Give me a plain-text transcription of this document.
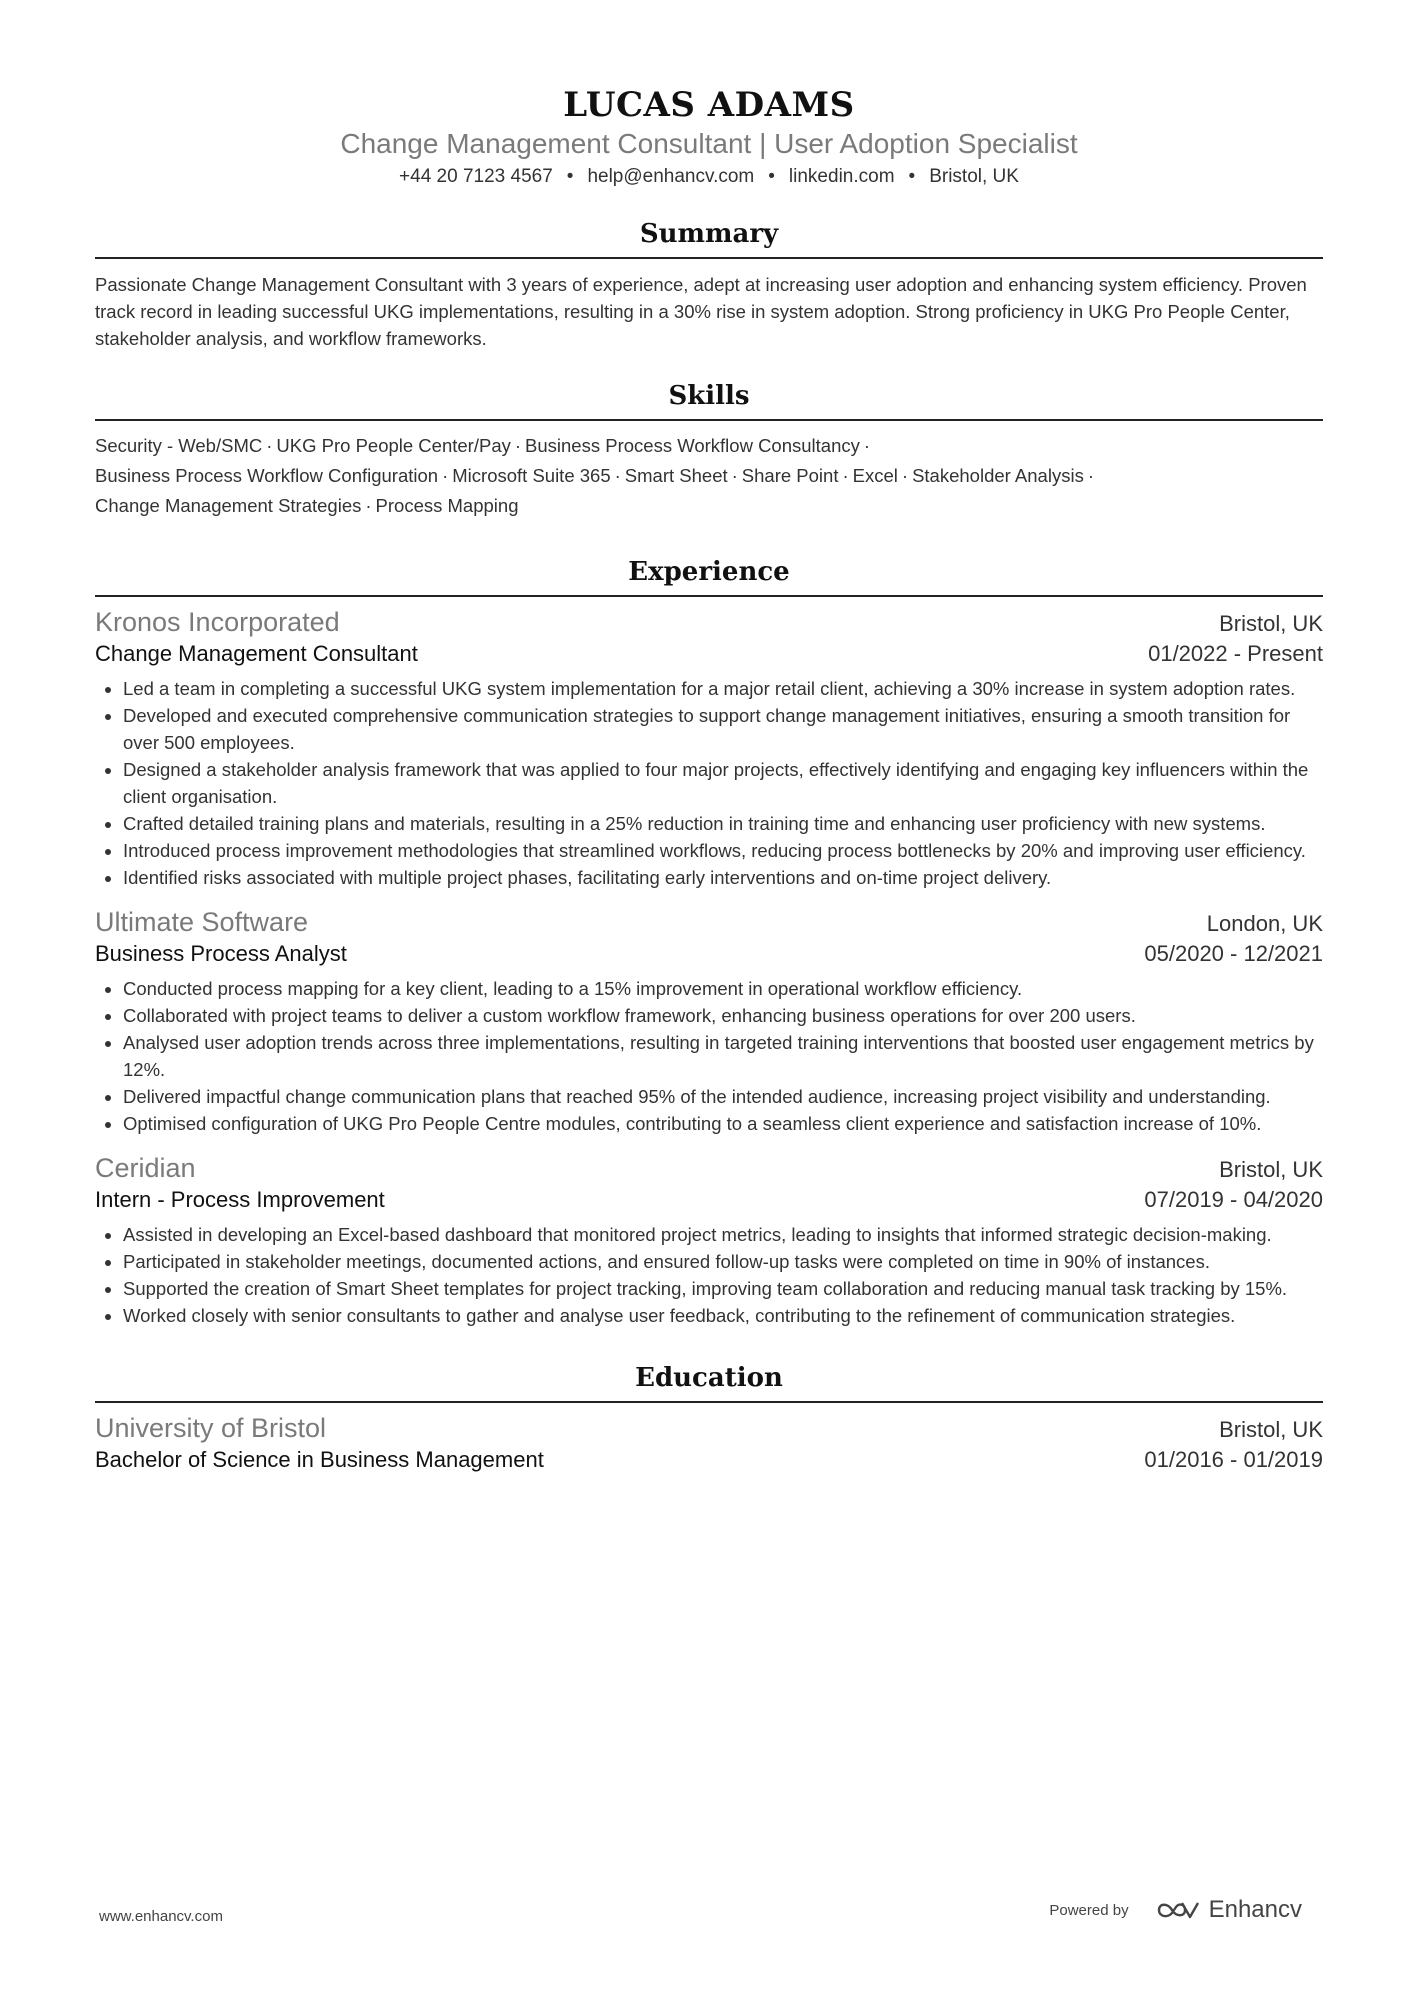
LUCAS ADAMS
Change Management Consultant | User Adoption Specialist
+44 20 7123 4567 • help@enhancv.com • linkedin.com • Bristol, UK
Summary
Passionate Change Management Consultant with 3 years of experience, adept at increasing user adoption and enhancing system efficiency. Proven track record in leading successful UKG implementations, resulting in a 30% rise in system adoption. Strong proficiency in UKG Pro People Center, stakeholder analysis, and workflow frameworks.
Skills
Security - Web/SMC · UKG Pro People Center/Pay · Business Process Workflow Consultancy ·
Business Process Workflow Configuration · Microsoft Suite 365 · Smart Sheet · Share Point · Excel · Stakeholder Analysis ·
Change Management Strategies · Process Mapping
Experience
Kronos Incorporated	Bristol, UK
Change Management Consultant	01/2022 - Present
• Led a team in completing a successful UKG system implementation for a major retail client, achieving a 30% increase in system adoption rates.
• Developed and executed comprehensive communication strategies to support change management initiatives, ensuring a smooth transition for over 500 employees.
• Designed a stakeholder analysis framework that was applied to four major projects, effectively identifying and engaging key influencers within the client organisation.
• Crafted detailed training plans and materials, resulting in a 25% reduction in training time and enhancing user proficiency with new systems.
• Introduced process improvement methodologies that streamlined workflows, reducing process bottlenecks by 20% and improving user efficiency.
• Identified risks associated with multiple project phases, facilitating early interventions and on-time project delivery.
Ultimate Software	London, UK
Business Process Analyst	05/2020 - 12/2021
• Conducted process mapping for a key client, leading to a 15% improvement in operational workflow efficiency.
• Collaborated with project teams to deliver a custom workflow framework, enhancing business operations for over 200 users.
• Analysed user adoption trends across three implementations, resulting in targeted training interventions that boosted user engagement metrics by 12%.
• Delivered impactful change communication plans that reached 95% of the intended audience, increasing project visibility and understanding.
• Optimised configuration of UKG Pro People Centre modules, contributing to a seamless client experience and satisfaction increase of 10%.
Ceridian	Bristol, UK
Intern - Process Improvement	07/2019 - 04/2020
• Assisted in developing an Excel-based dashboard that monitored project metrics, leading to insights that informed strategic decision-making.
• Participated in stakeholder meetings, documented actions, and ensured follow-up tasks were completed on time in 90% of instances.
• Supported the creation of Smart Sheet templates for project tracking, improving team collaboration and reducing manual task tracking by 15%.
• Worked closely with senior consultants to gather and analyse user feedback, contributing to the refinement of communication strategies.
Education
University of Bristol	Bristol, UK
Bachelor of Science in Business Management	01/2016 - 01/2019
www.enhancv.com	Powered by	Enhancv
